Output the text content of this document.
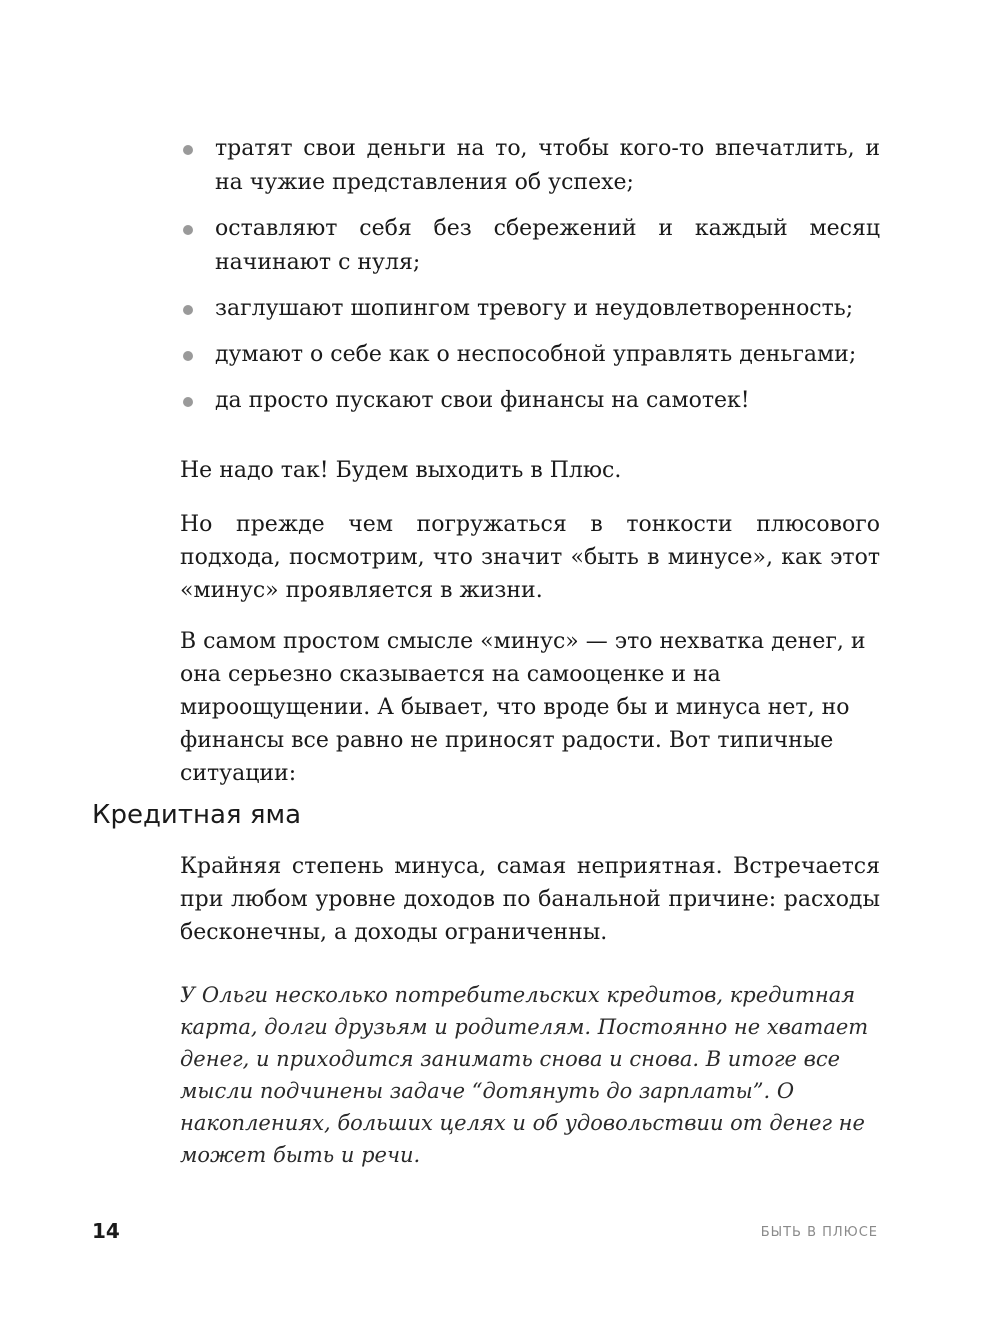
тратят свои деньги на то, чтобы кого-то впечатлить, и на чужие представления об успехе;
оставляют себя без сбережений и каждый месяц начинают с нуля;
заглушают шопингом тревогу и неудовлетворенность;
думают о себе как о неспособной управлять деньгами;
да просто пускают свои финансы на самотек!

Не надо так! Будем выходить в Плюс.

Но прежде чем погружаться в тонкости плюсового подхода, посмотрим, что значит «быть в минусе», как этот «минус» проявляется в жизни.

В самом простом смысле «минус» — это нехватка денег, и она серьезно сказывается на самооценке и на мироощущении. А бывает, что вроде бы и минуса нет, но финансы все равно не приносят радости. Вот типичные ситуации:

Кредитная яма

Крайняя степень минуса, самая неприятная. Встречается при любом уровне доходов по банальной причине: расходы бесконечны, а доходы ограниченны.

У Ольги несколько потребительских кредитов, кредитная карта, долги друзьям и родителям. Постоянно не хватает денег, и приходится занимать снова и снова. В итоге все мысли подчинены задаче “дотянуть до зарплаты”. О накоплениях, больших целях и об удовольствии от денег не может быть и речи.

14	БЫТЬ В ПЛЮСЕ
